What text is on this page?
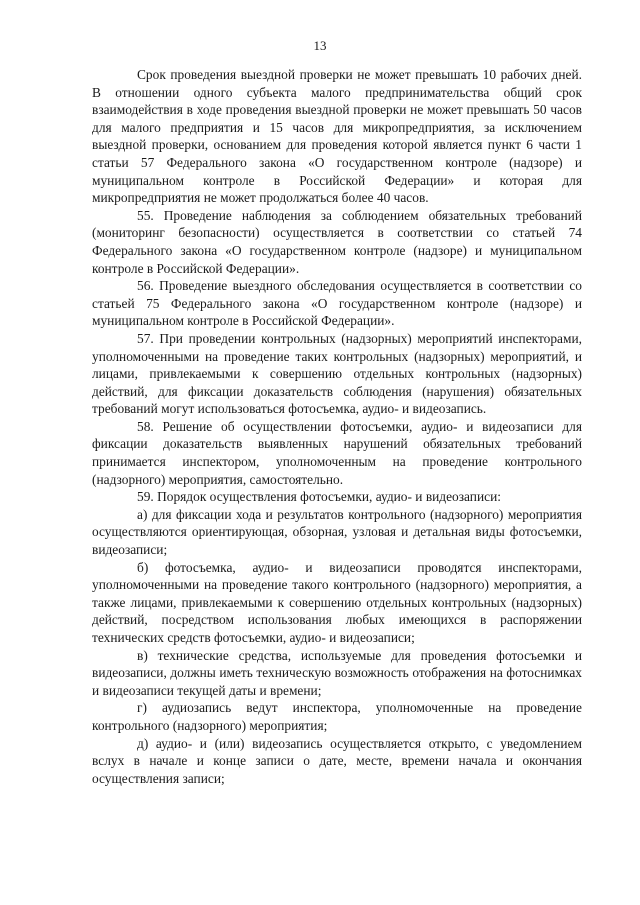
13

Срок проведения выездной проверки не может превышать 10 рабочих дней. В отношении одного субъекта малого предпринимательства общий срок взаимодействия в ходе проведения выездной проверки не может превышать 50 часов для малого предприятия и 15 часов для микропредприятия, за исключением выездной проверки, основанием для проведения которой является пункт 6 части 1 статьи 57 Федерального закона «О государственном контроле (надзоре) и муниципальном контроле в Российской Федерации» и которая для микропредприятия не может продолжаться более 40 часов.

55. Проведение наблюдения за соблюдением обязательных требований (мониторинг безопасности) осуществляется в соответствии со статьей 74 Федерального закона «О государственном контроле (надзоре) и муниципальном контроле в Российской Федерации».

56. Проведение выездного обследования осуществляется в соответствии со статьей 75 Федерального закона «О государственном контроле (надзоре) и муниципальном контроле в Российской Федерации».

57. При проведении контрольных (надзорных) мероприятий инспекторами, уполномоченными на проведение таких контрольных (надзорных) мероприятий, и лицами, привлекаемыми к совершению отдельных контрольных (надзорных) действий, для фиксации доказательств соблюдения (нарушения) обязательных требований могут использоваться фотосъемка, аудио- и видеозапись.

58. Решение об осуществлении фотосъемки, аудио- и видеозаписи для фиксации доказательств выявленных нарушений обязательных требований принимается инспектором, уполномоченным на проведение контрольного (надзорного) мероприятия, самостоятельно.

59. Порядок осуществления фотосъемки, аудио- и видеозаписи:

а) для фиксации хода и результатов контрольного (надзорного) мероприятия осуществляются ориентирующая, обзорная, узловая и детальная виды фотосъемки, видеозаписи;

б) фотосъемка, аудио- и видеозаписи проводятся инспекторами, уполномоченными на проведение такого контрольного (надзорного) мероприятия, а также лицами, привлекаемыми к совершению отдельных контрольных (надзорных) действий, посредством использования любых имеющихся в распоряжении технических средств фотосъемки, аудио- и видеозаписи;

в) технические средства, используемые для проведения фотосъемки и видеозаписи, должны иметь техническую возможность отображения на фотоснимках и видеозаписи текущей даты и времени;

г) аудиозапись ведут инспектора, уполномоченные на проведение контрольного (надзорного) мероприятия;

д) аудио- и (или) видеозапись осуществляется открыто, с уведомлением вслух в начале и конце записи о дате, месте, времени начала и окончания осуществления записи;
